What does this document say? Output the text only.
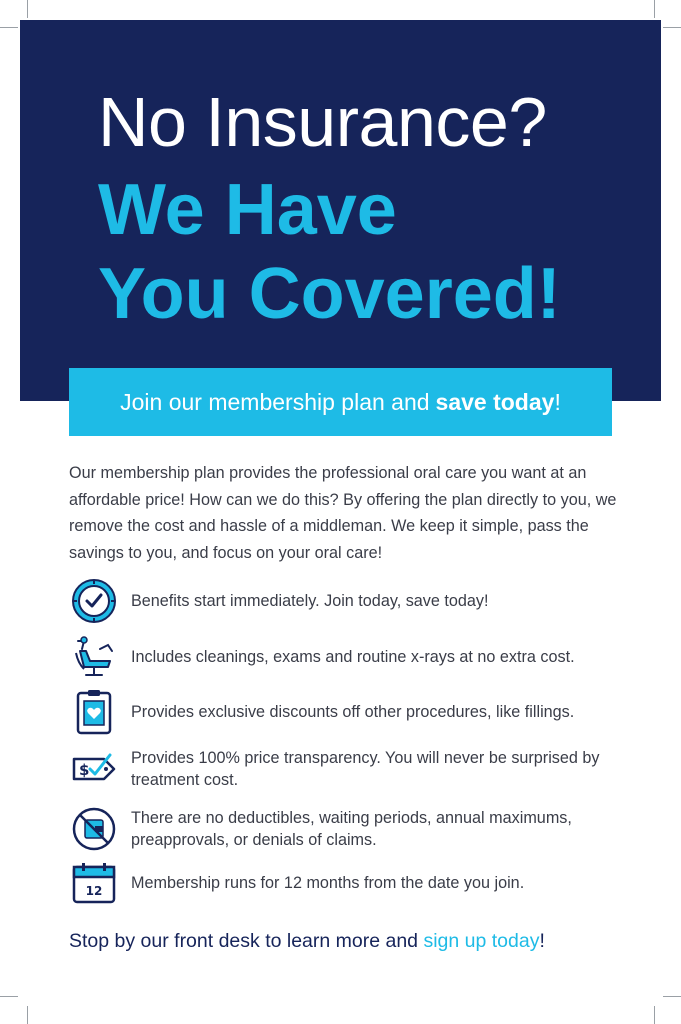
No Insurance?
We Have
You Covered!
Join our membership plan and save today !
Our membership plan provides the professional oral care you want at an affordable price! How can we do this? By offering the plan directly to you, we remove the cost and hassle of a middleman. We keep it simple, pass the savings to you, and focus on your oral care!
Benefits start immediately. Join today, save today!
Includes cleanings, exams and routine x-rays at no extra cost.
Provides exclusive discounts off other procedures, like fillings.
$
Provides 100% price transparency. You will never be surprised by treatment cost.
There are no deductibles, waiting periods, annual maximums, preapprovals, or denials of claims.
12 Membership runs for 12 months from the date you join.
Stop by our front desk to learn more and sign up today!
